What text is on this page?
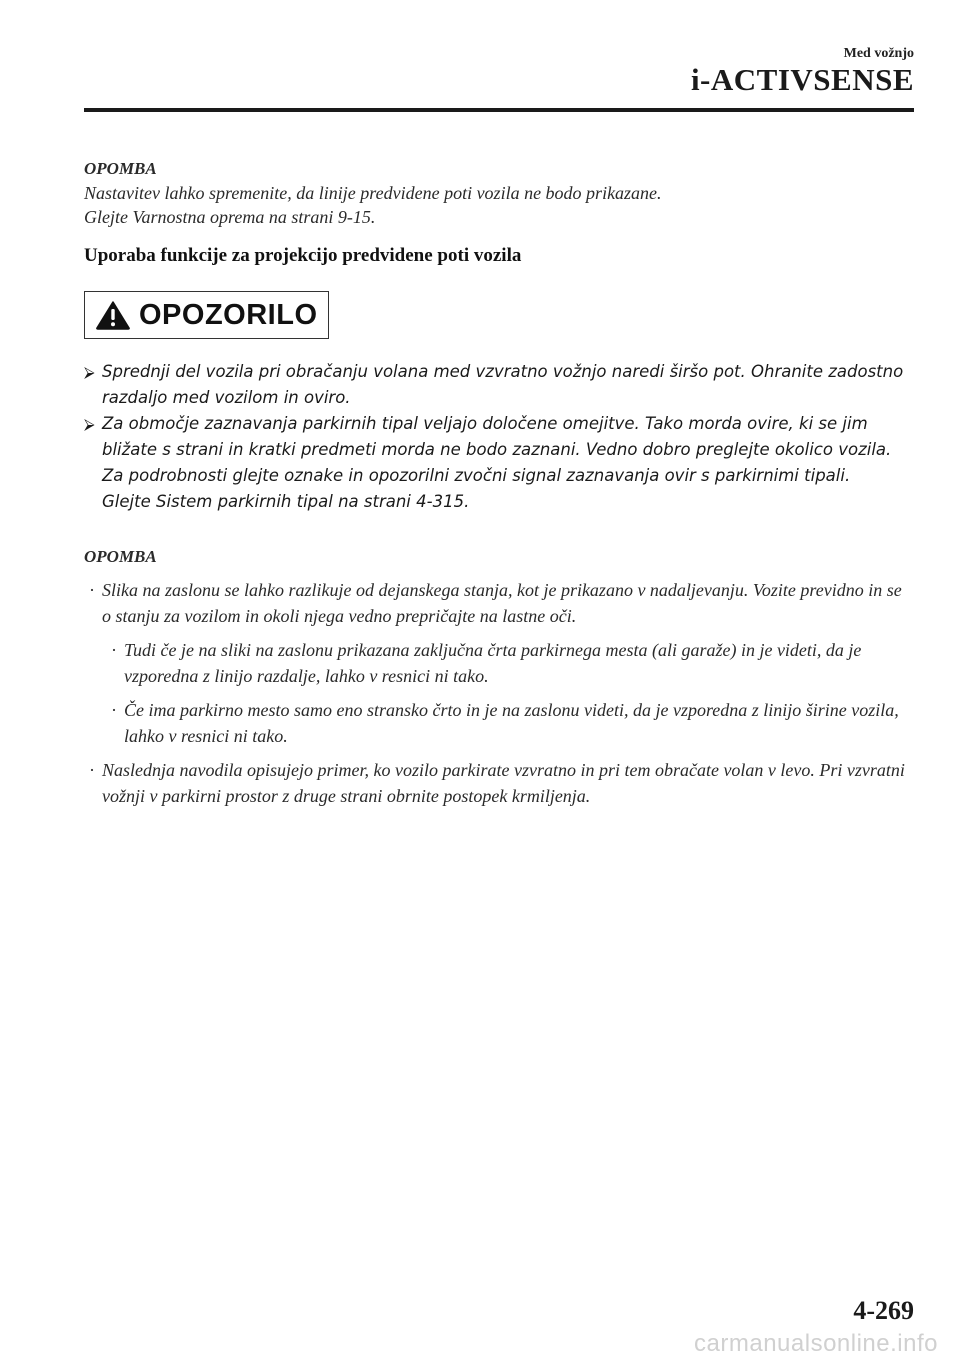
Med vožnjo
i-ACTIVSENSE
OPOMBA
Nastavitev lahko spremenite, da linije predvidene poti vozila ne bodo prikazane.
Glejte Varnostna oprema na strani 9-15.
Uporaba funkcije za projekcijo predvidene poti vozila
OPOZORILO
⮚ Sprednji del vozila pri obračanju volana med vzvratno vožnjo naredi širšo pot. Ohranite zadostno razdaljo med vozilom in oviro.

⮚ Za območje zaznavanja parkirnih tipal veljajo določene omejitve. Tako morda ovire, ki se jim bližate s strani in kratki predmeti morda ne bodo zaznani. Vedno dobro preglejte okolico vozila.

Za podrobnosti glejte oznake in opozorilni zvočni signal zaznavanja ovir s parkirnimi tipali.

Glejte Sistem parkirnih tipal na strani 4-315.

OPOMBA
· Slika na zaslonu se lahko razlikuje od dejanskega stanja, kot je prikazano v nadaljevanju. Vozite previdno in se o stanju za vozilom in okoli njega vedno prepričajte na lastne oči.
· Tudi če je na sliki na zaslonu prikazana zaključna črta parkirnega mesta (ali garaže) in je videti, da je vzporedna z linijo razdalje, lahko v resnici ni tako.
· Če ima parkirno mesto samo eno stransko črto in je na zaslonu videti, da je vzporedna z linijo širine vozila, lahko v resnici ni tako.
· Naslednja navodila opisujejo primer, ko vozilo parkirate vzvratno in pri tem obračate volan v levo. Pri vzvratni vožnji v parkirni prostor z druge strani obrnite postopek krmiljenja.
4-269
carmanualsonline.info
